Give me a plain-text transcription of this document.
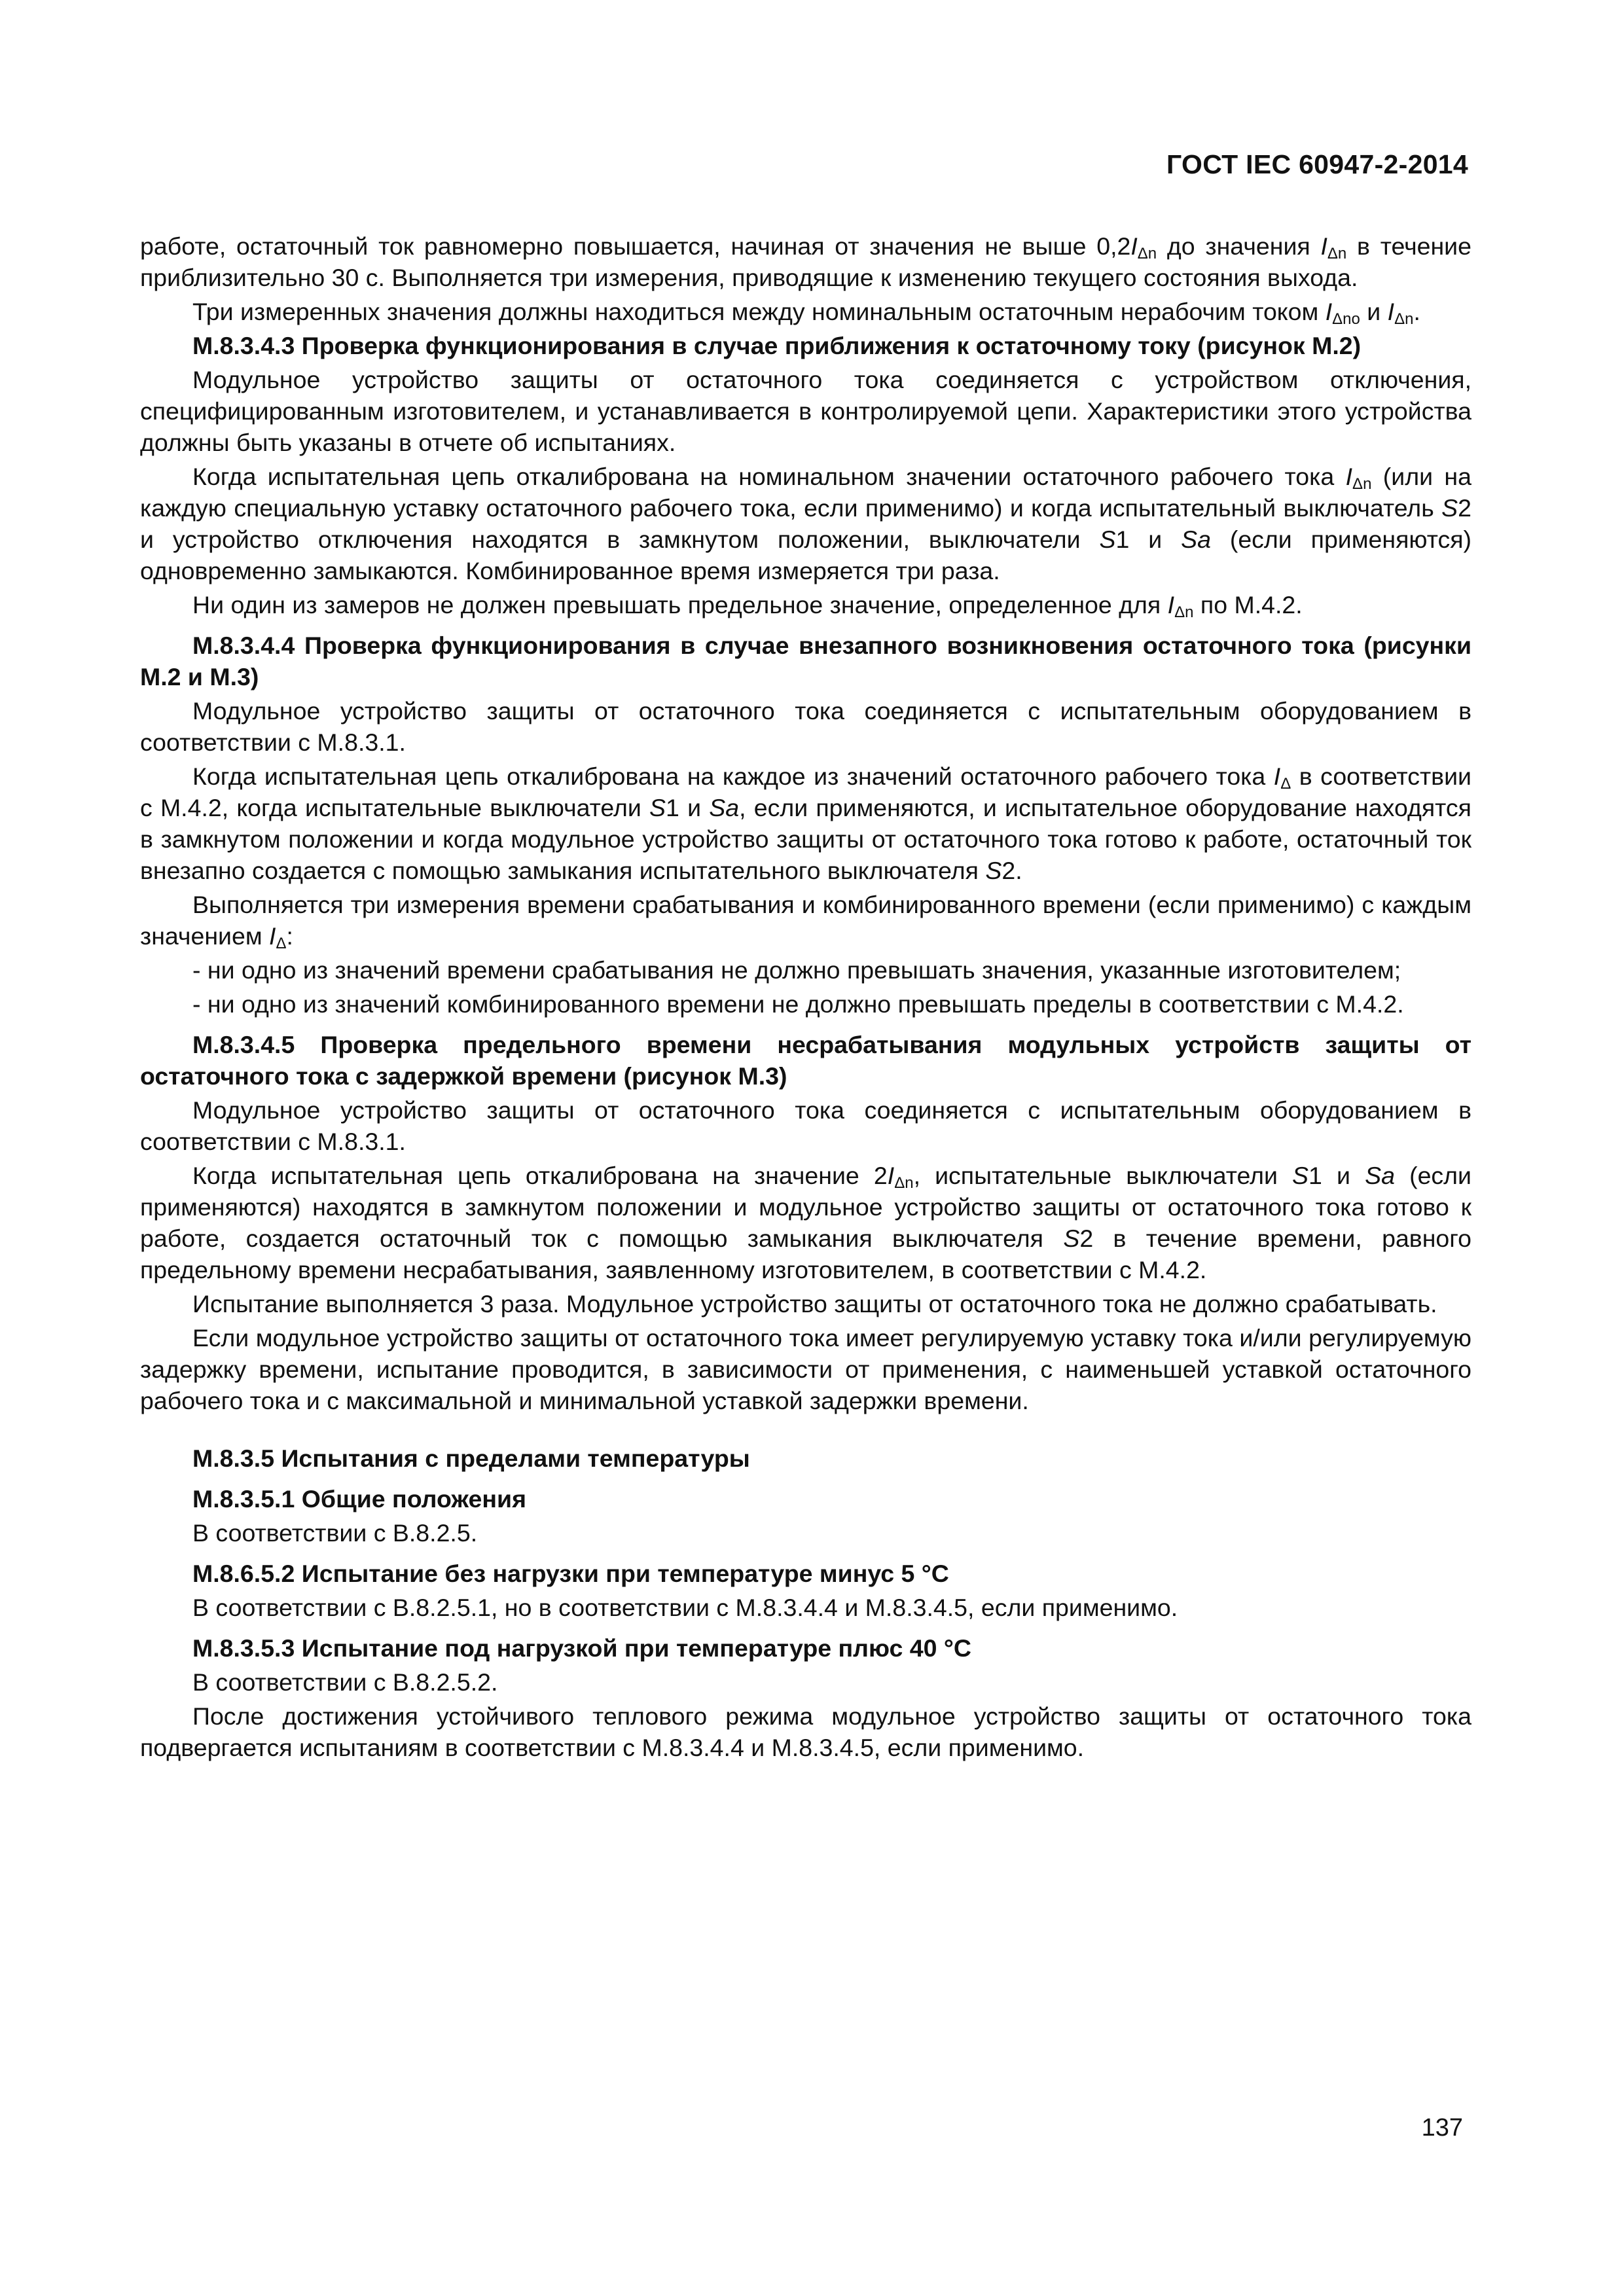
ГОСТ IEC 60947-2-2014

работе, остаточный ток равномерно повышается, начиная от значения не выше $0,2I_{\Delta n}$ до значения $I_{\Delta n}$ в течение приблизительно 30 с. Выполняется три измерения, приводящие к изменению текущего состояния выхода.

Три измеренных значения должны находиться между номинальным остаточным нерабочим током $I_{\Delta no}$ и $I_{\Delta n}$.

М.8.3.4.3 Проверка функционирования в случае приближения к остаточному току (рисунок М.2)

Модульное устройство защиты от остаточного тока соединяется с устройством отключения, специфицированным изготовителем, и устанавливается в контролируемой цепи. Характеристики этого устройства должны быть указаны в отчете об испытаниях.

Когда испытательная цепь откалибрована на номинальном значении остаточного рабочего тока $I_{\Delta n}$ (или на каждую специальную уставку остаточного рабочего тока, если применимо) и когда испытательный выключатель S2 и устройство отключения находятся в замкнутом положении, выключатели S1 и Sa (если применяются) одновременно замыкаются. Комбинированное время измеряется три раза.

Ни один из замеров не должен превышать предельное значение, определенное для $I_{\Delta n}$ по М.4.2.

М.8.3.4.4 Проверка функционирования в случае внезапного возникновения остаточного тока (рисунки М.2 и М.3)

Модульное устройство защиты от остаточного тока соединяется с испытательным оборудованием в соответствии с М.8.3.1.

Когда испытательная цепь откалибрована на каждое из значений остаточного рабочего тока $I_\Delta$ в соответствии с М.4.2, когда испытательные выключатели S1 и Sa, если применяются, и испытательное оборудование находятся в замкнутом положении и когда модульное устройство защиты от остаточного тока готово к работе, остаточный ток внезапно создается с помощью замыкания испытательного выключателя S2.

Выполняется три измерения времени срабатывания и комбинированного времени (если применимо) с каждым значением $I_\Delta$:

- ни одно из значений времени срабатывания не должно превышать значения, указанные изготовителем;

- ни одно из значений комбинированного времени не должно превышать пределы в соответствии с М.4.2.

М.8.3.4.5 Проверка предельного времени несрабатывания модульных устройств защиты от остаточного тока с задержкой времени (рисунок М.3)

Модульное устройство защиты от остаточного тока соединяется с испытательным оборудованием в соответствии с М.8.3.1.

Когда испытательная цепь откалибрована на значение $2I_{\Delta n}$, испытательные выключатели S1 и Sa (если применяются) находятся в замкнутом положении и модульное устройство защиты от остаточного тока готово к работе, создается остаточный ток с помощью замыкания выключателя S2 в течение времени, равного предельному времени несрабатывания, заявленному изготовителем, в соответствии с М.4.2.

Испытание выполняется 3 раза. Модульное устройство защиты от остаточного тока не должно срабатывать.

Если модульное устройство защиты от остаточного тока имеет регулируемую уставку тока и/или регулируемую задержку времени, испытание проводится, в зависимости от применения, с наименьшей уставкой остаточного рабочего тока и с максимальной и минимальной уставкой задержки времени.

М.8.3.5 Испытания с пределами температуры
М.8.3.5.1 Общие положения

В соответствии с В.8.2.5.

М.8.6.5.2 Испытание без нагрузки при температуре минус 5 °С

В соответствии с В.8.2.5.1, но в соответствии с М.8.3.4.4 и М.8.3.4.5, если применимо.

М.8.3.5.3 Испытание под нагрузкой при температуре плюс 40 °С

В соответствии с В.8.2.5.2.

После достижения устойчивого теплового режима модульное устройство защиты от остаточного тока подвергается испытаниям в соответствии с М.8.3.4.4 и М.8.3.4.5, если применимо.

137
